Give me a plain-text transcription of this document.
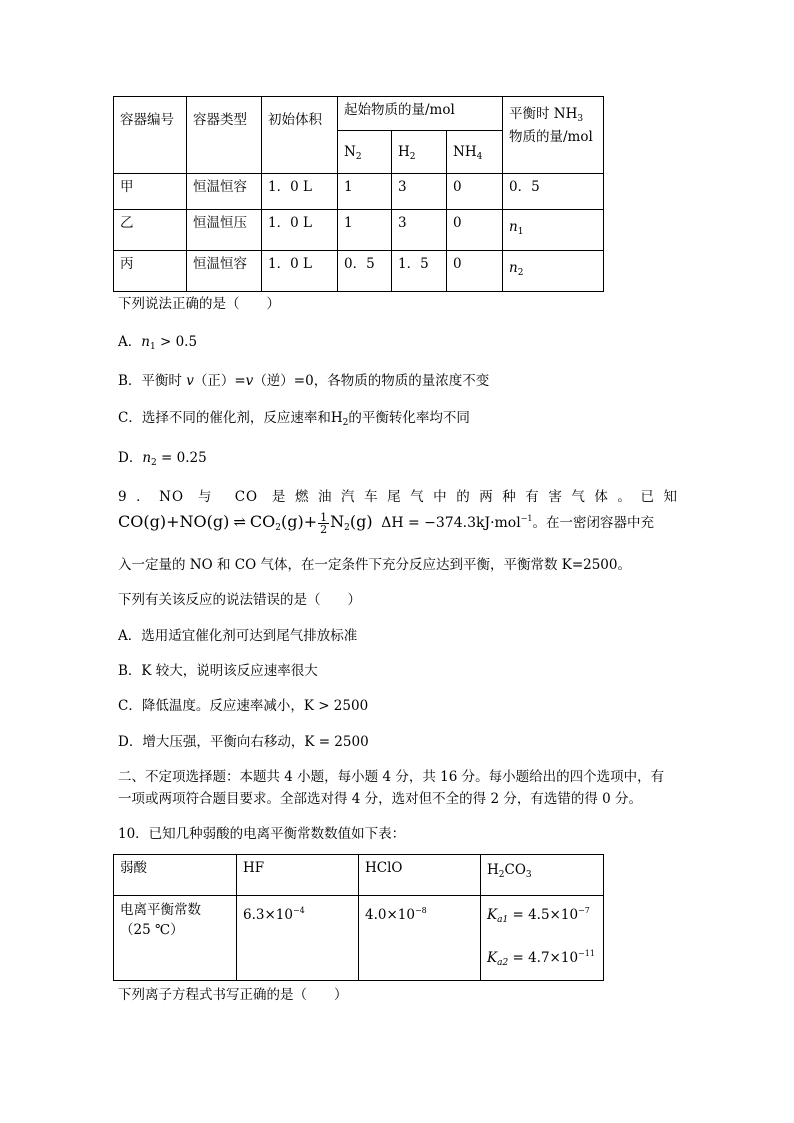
容器编号	容器类型	初始体积	起始物质的量/mol			平衡时 $NH_3$
物质的量/mol

			$N_2$	$H_2$	$NH_4$

甲	恒温恒容	1．0 L	1	3	0	0．5

乙	恒温恒压	1．0 L	1	3	0	$n_1$

丙	恒温恒容	1．0 L	0．5	1．5	0	$n_2$
下列说法正确的是（　　）
A．$n_1 > 0.5$
B．平衡时 v（正）=v（逆）=0，各物质的物质的量浓度不变
C．选择不同的催化剂，反应速率和$H_2$的平衡转化率均不同
D．$n_2 = 0.25$
9．NO 与 CO 是燃油汽车尾气中的两种有害气体。已知
CO(g)+NO(g) ⇌ $CO_2(g)+ \frac{1}{2} N_2(g) \Delta H = -374.3kJ\cdot mol^{-1}$。在一密闭容器中充
入一定量的 NO 和 CO 气体，在一定条件下充分反应达到平衡，平衡常数 K=2500。
下列有关该反应的说法错误的是（　　）
A．选用适宜催化剂可达到尾气排放标准
B．K 较大，说明该反应速率很大
C．降低温度。反应速率减小，K > 2500
D．增大压强，平衡向右移动，K = 2500
二、不定项选择题：本题共 4 小题，每小题 4 分，共 16 分。每小题给出的四个选项中，有
一项或两项符合题目要求。全部选对得 4 分，选对但不全的得 2 分，有选错的得 0 分。
10．已知几种弱酸的电离平衡常数数值如下表：
弱酸	HF	HClO	$H_2CO_3$

电离平衡常数（25 ℃）	$6.3\times 10^{-4}$	$4.0\times 10^{-8}$	$K_{a1} = 4.5\times 10^{-7}$
$K_{a2} = 4.7\times 10^{-11}$
下列离子方程式书写正确的是（　　）
